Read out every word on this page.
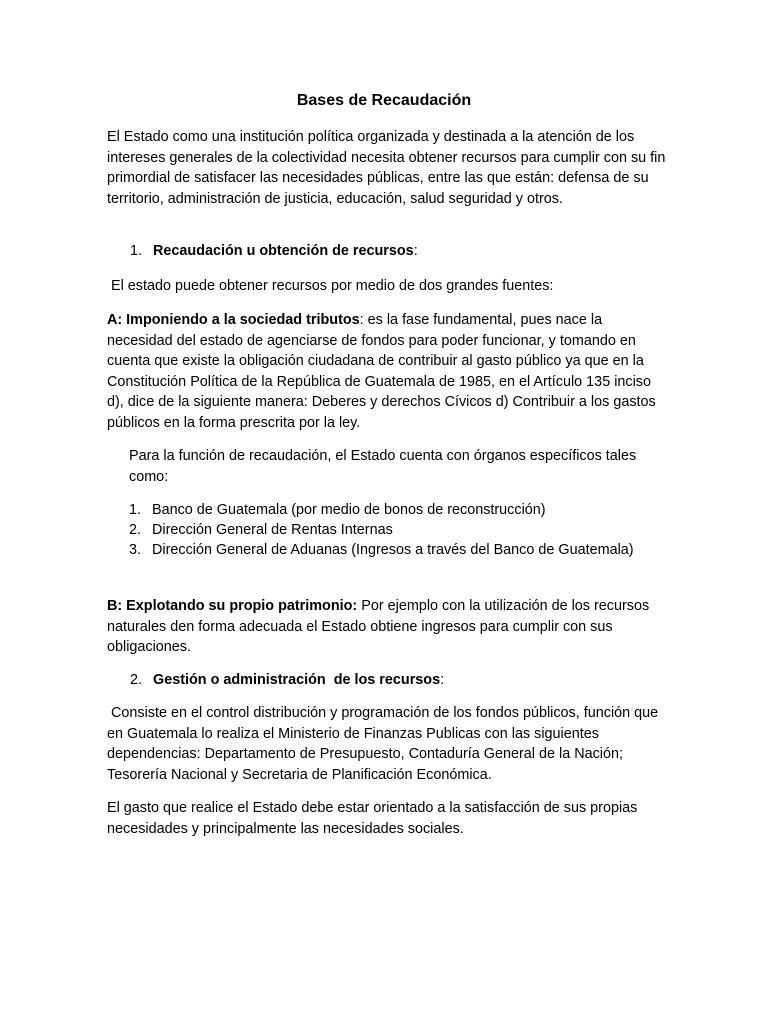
Bases de Recaudación

El Estado como una institución política organizada y destinada a la atención de los intereses generales de la colectividad necesita obtener recursos para cumplir con su fin primordial de satisfacer las necesidades públicas, entre las que están: defensa de su territorio, administración de justicia, educación, salud seguridad y otros.

1. Recaudación u obtención de recursos:

El estado puede obtener recursos por medio de dos grandes fuentes:

A: Imponiendo a la sociedad tributos: es la fase fundamental, pues nace la necesidad del estado de agenciarse de fondos para poder funcionar, y tomando en cuenta que existe la obligación ciudadana de contribuir al gasto público ya que en la Constitución Política de la República de Guatemala de 1985, en el Artículo 135 inciso d), dice de la siguiente manera: Deberes y derechos Cívicos d) Contribuir a los gastos públicos en la forma prescrita por la ley.

Para la función de recaudación, el Estado cuenta con órganos específicos tales como:

1. Banco de Guatemala (por medio de bonos de reconstrucción)

2. Dirección General de Rentas Internas

3. Dirección General de Aduanas (Ingresos a través del Banco de Guatemala)

B: Explotando su propio patrimonio: Por ejemplo con la utilización de los recursos naturales den forma adecuada el Estado obtiene ingresos para cumplir con sus obligaciones.

2. Gestión o administración  de los recursos:

Consiste en el control distribución y programación de los fondos públicos, función que en Guatemala lo realiza el Ministerio de Finanzas Publicas con las siguientes dependencias: Departamento de Presupuesto, Contaduría General de la Nación; Tesorería Nacional y Secretaria de Planificación Económica.

El gasto que realice el Estado debe estar orientado a la satisfacción de sus propias necesidades y principalmente las necesidades sociales.
